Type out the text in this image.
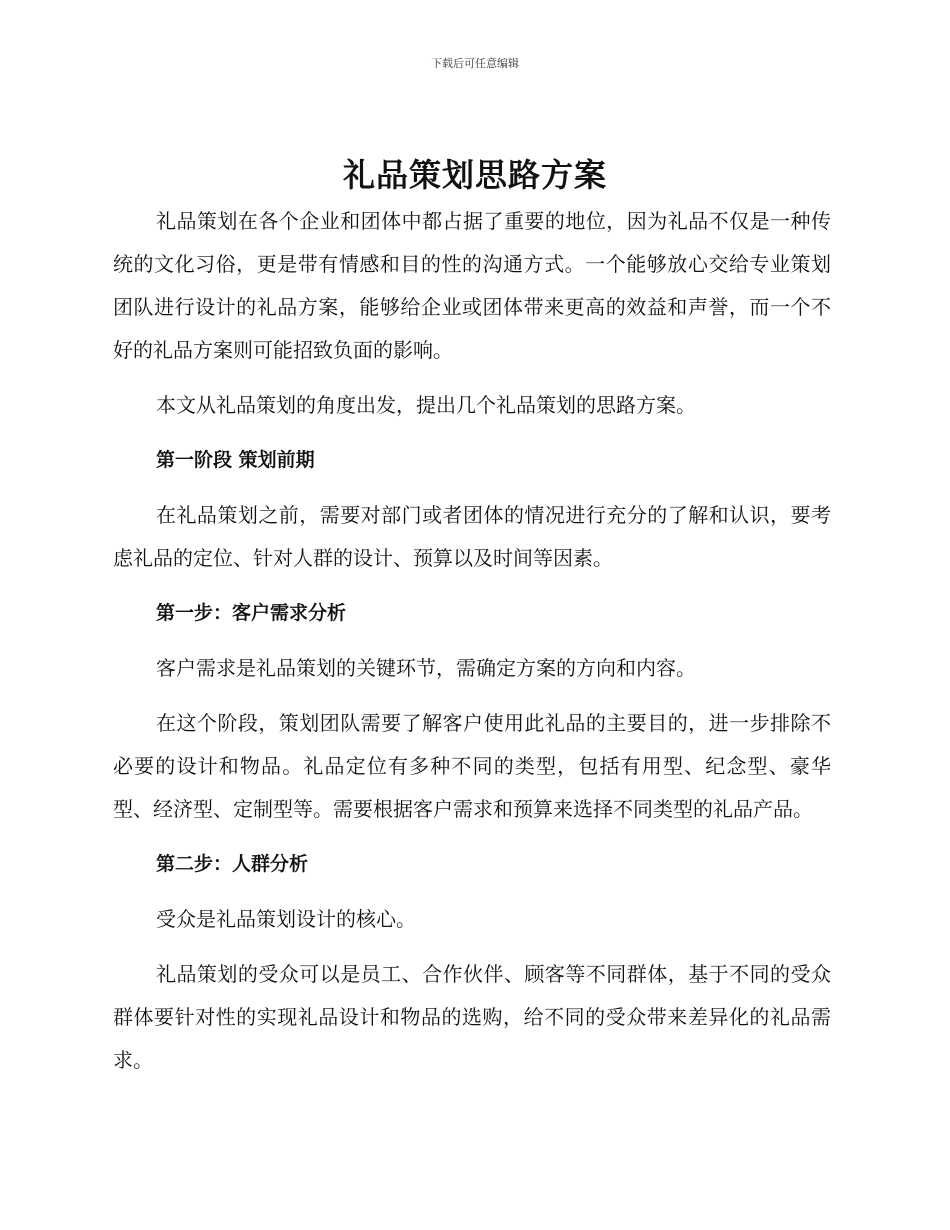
下载后可任意编辑
礼品策划思路方案

礼品策划在各个企业和团体中都占据了重要的地位，因为礼品不仅是一种传统的文化习俗，更是带有情感和目的性的沟通方式。一个能够放心交给专业策划团队进行设计的礼品方案，能够给企业或团体带来更高的效益和声誉，而一个不好的礼品方案则可能招致负面的影响。

本文从礼品策划的角度出发，提出几个礼品策划的思路方案。

第一阶段 策划前期

在礼品策划之前，需要对部门或者团体的情况进行充分的了解和认识，要考虑礼品的定位、针对人群的设计、预算以及时间等因素。

第一步：客户需求分析

客户需求是礼品策划的关键环节，需确定方案的方向和内容。

在这个阶段，策划团队需要了解客户使用此礼品的主要目的，进一步排除不必要的设计和物品。礼品定位有多种不同的类型，包括有用型、纪念型、豪华型、经济型、定制型等。需要根据客户需求和预算来选择不同类型的礼品产品。

第二步：人群分析

受众是礼品策划设计的核心。

礼品策划的受众可以是员工、合作伙伴、顾客等不同群体，基于不同的受众群体要针对性的实现礼品设计和物品的选购，给不同的受众带来差异化的礼品需求。
